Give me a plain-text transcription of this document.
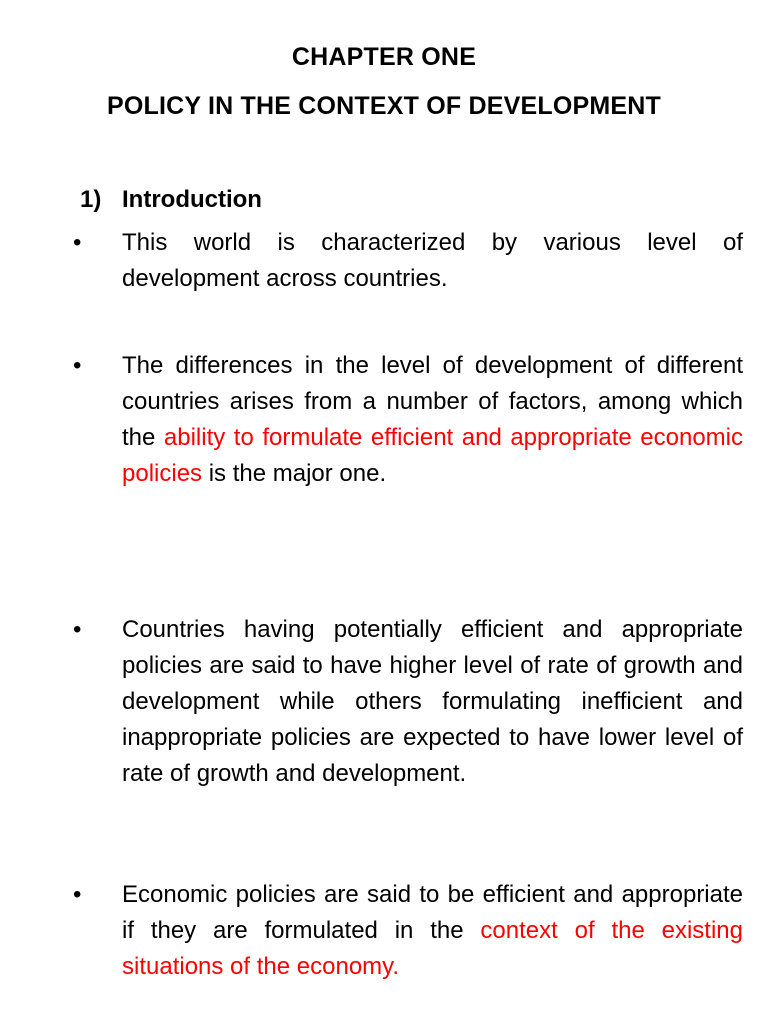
CHAPTER ONE
POLICY IN THE CONTEXT OF DEVELOPMENT
1) Introduction
• This world is characterized by various level of development across countries.
• The differences in the level of development of different countries arises from a number of factors, among which the ability to formulate efficient and appropriate economic policies is the major one.
• Countries having potentially efficient and appropriate policies are said to have higher level of rate of growth and development while others formulating inefficient and inappropriate policies are expected to have lower level of rate of growth and development.
• Economic policies are said to be efficient and appropriate if they are formulated in the context of the existing situations of the economy.
